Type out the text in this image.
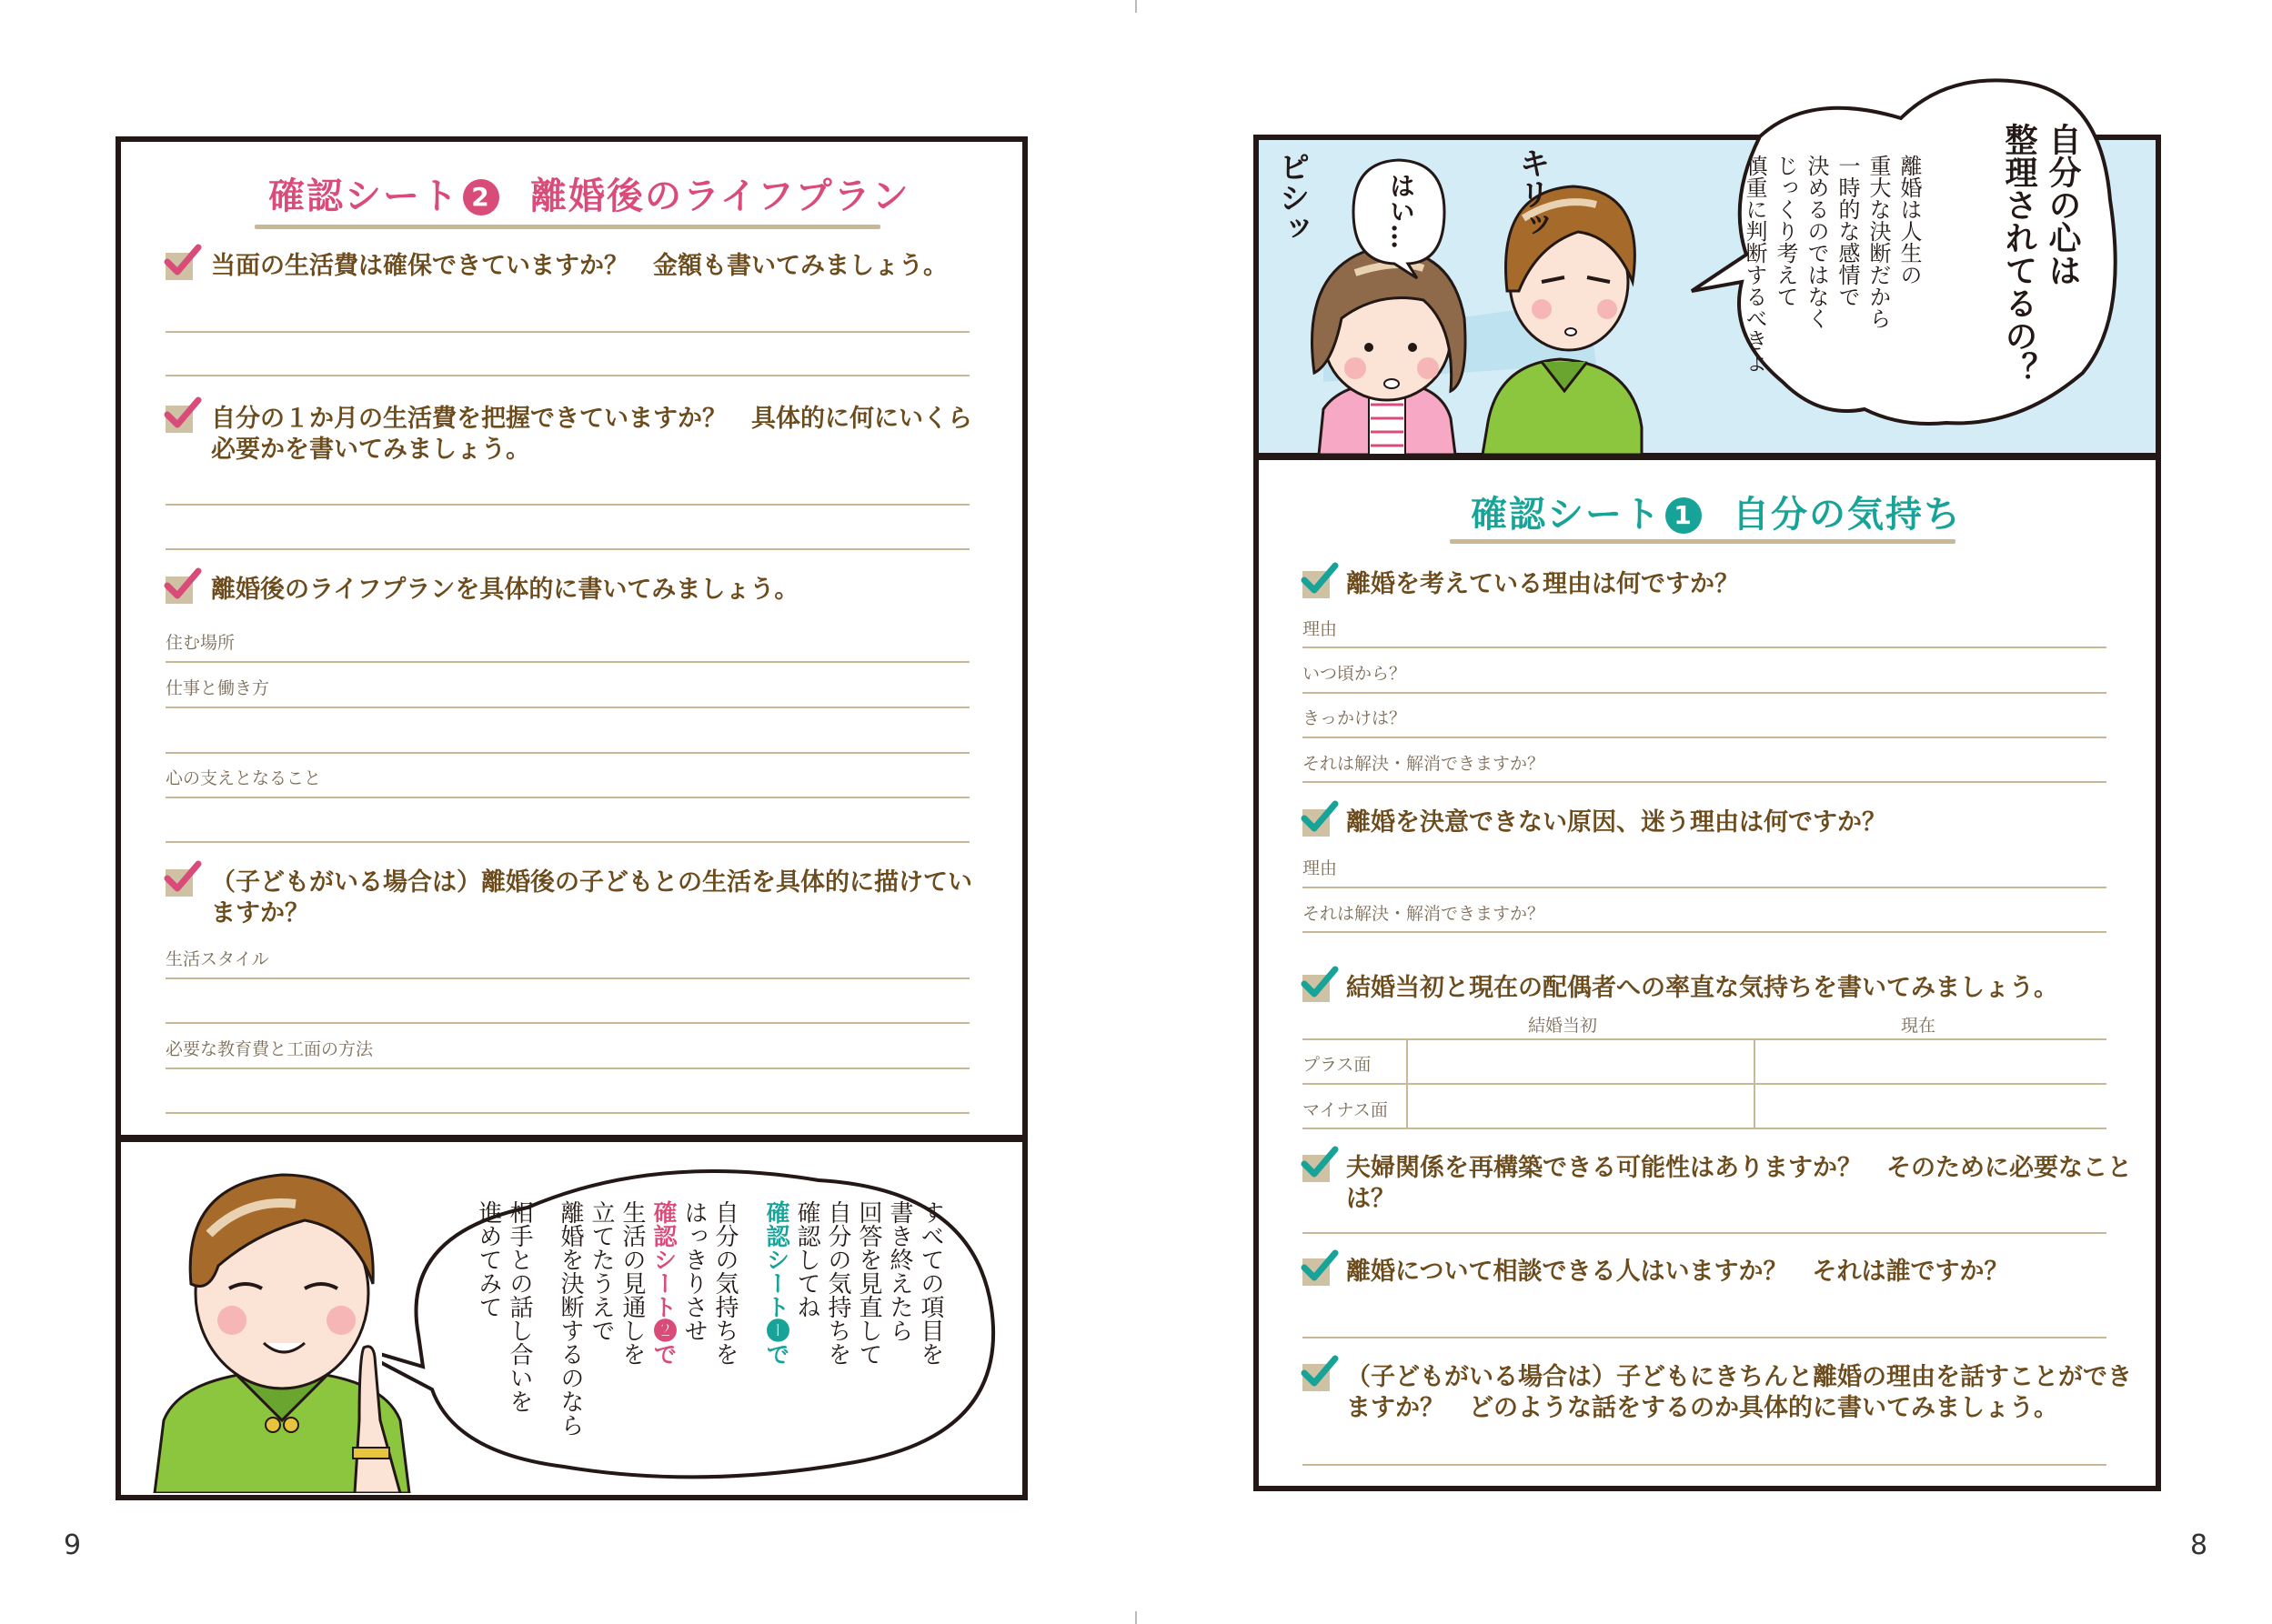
9	8
確認シート 2 離婚後のライフプラン
当面の生活費は確保できていますか？　金額も書いてみましょう。
自分の１か月の生活費を把握できていますか？　具体的に何にいくら必要かを書いてみましょう。
離婚後のライフプランを具体的に書いてみましょう。
住む場所
仕事と働き方
心の支えとなること
（子どもがいる場合は）離婚後の子どもとの生活を具体的に描けていますか？
生活スタイル
必要な教育費と工面の方法
すべての項目を
書き終えたら
回答を見直して
自分の気持ちを
確認してね
確認シート❶で
自分の気持ちを
はっきりさせ
確認シート❷で
生活の見通しを
立てたうえで
離婚を決断するのなら
相手との話し合いを
進めてみて
はい…
ピシッ	キリッ	自分の心は
整理されてるの？
離婚は人生の
重大な決断だから
一時的な感情で
決めるのではなく
じっくり考えて
慎重に判断するべきよ
確認シート 1 自分の気持ち
離婚を考えている理由は何ですか？
理由
いつ頃から？
きっかけは？
それは解決・解消できますか？
離婚を決意できない原因、迷う理由は何ですか？
理由
それは解決・解消できますか？
結婚当初と現在の配偶者への率直な気持ちを書いてみましょう。
結婚当初	現在
プラス面
マイナス面
夫婦関係を再構築できる可能性はありますか？　そのために必要なことは？
離婚について相談できる人はいますか？　それは誰ですか？
（子どもがいる場合は）子どもにきちんと離婚の理由を話すことができますか？　どのような話をするのか具体的に書いてみましょう。
